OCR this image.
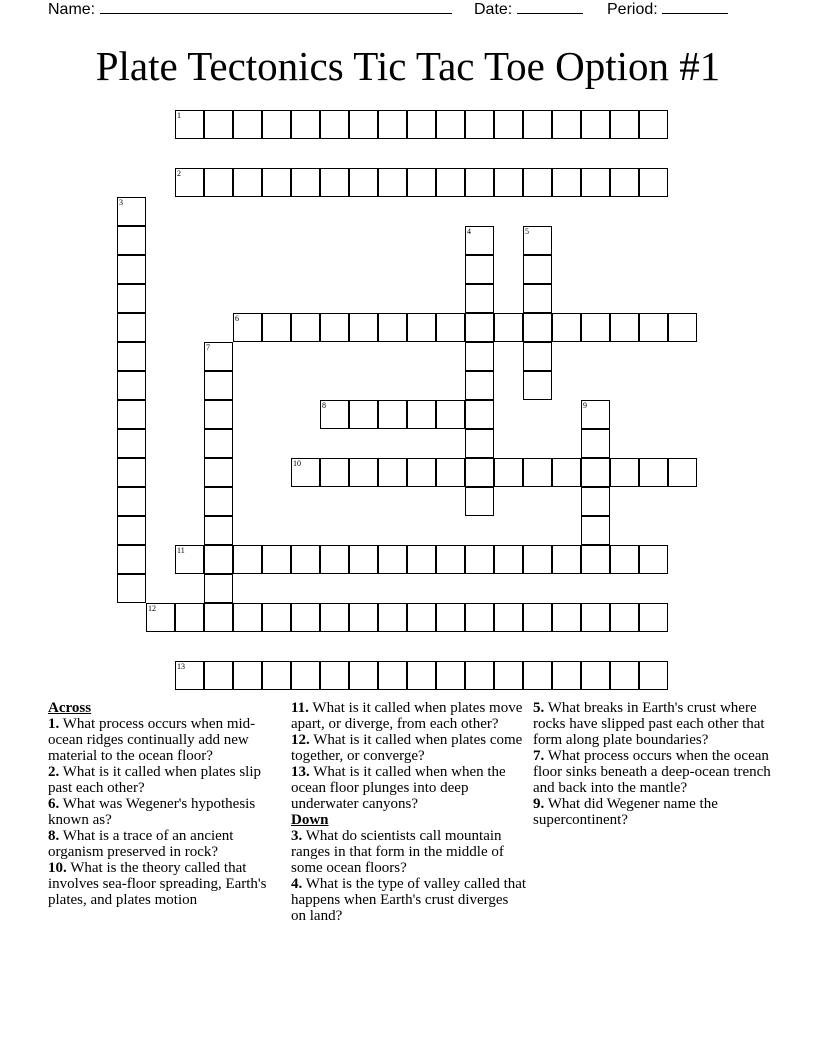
Name:	Date:	Period:
Plate Tectonics Tic Tac Toe Option #1
1
2
3
4	5
6
7
8	9
10
11
12
13

Across

1. What process occurs when mid-ocean ridges continually add new material to the ocean floor?

2. What is it called when plates slip past each other?

6. What was Wegener's hypothesis known as?

8. What is a trace of an ancient organism preserved in rock?

10. What is the theory called that involves sea-floor spreading, Earth's plates, and plates motion

11. What is it called when plates move apart, or diverge, from each other?

12. What is it called when plates come together, or converge?

13. What is it called when when the ocean floor plunges into deep underwater canyons?

Down

3. What do scientists call mountain ranges in that form in the middle of some ocean floors?

4. What is the type of valley called that happens when Earth's crust diverges on land?

5. What breaks in Earth's crust where rocks have slipped past each other that form along plate boundaries?

7. What process occurs when the ocean floor sinks beneath a deep-ocean trench and back into the mantle?

9. What did Wegener name the supercontinent?
